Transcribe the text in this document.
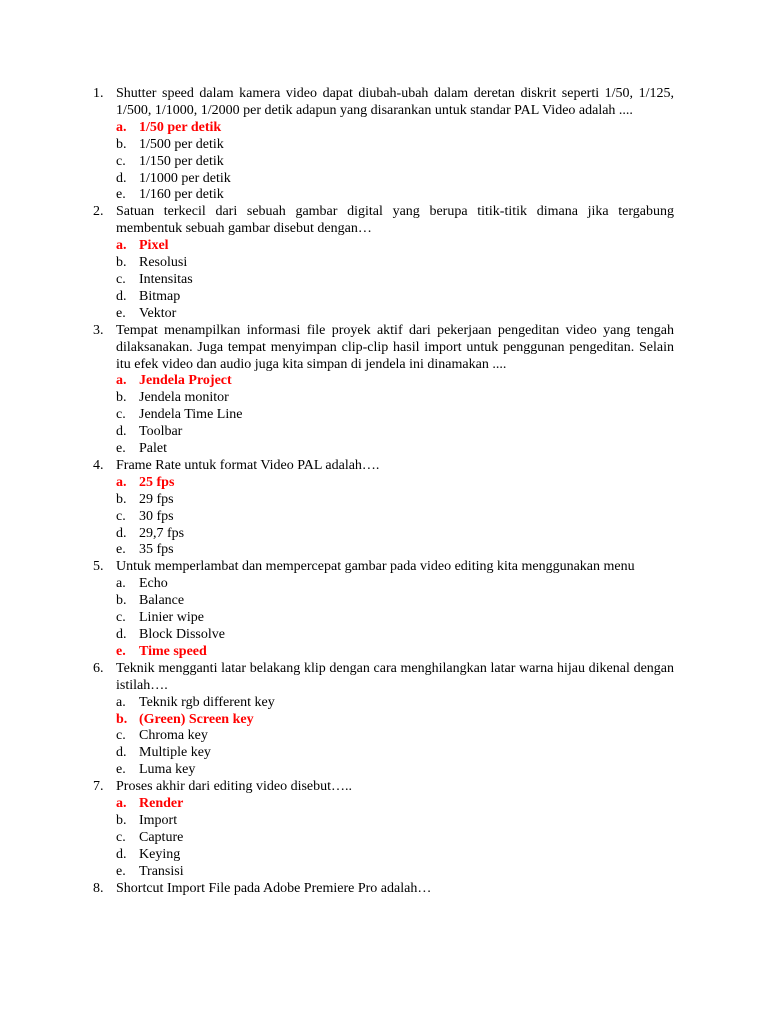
1. Shutter speed dalam kamera video dapat diubah-ubah dalam deretan diskrit seperti 1/50, 1/125, 1/500, 1/1000, 1/2000 per detik adapun yang disarankan untuk standar PAL Video adalah ....
a. 1/50 per detik
b. 1/500 per detik
c. 1/150 per detik
d. 1/1000 per detik
e. 1/160 per detik
2. Satuan terkecil dari sebuah gambar digital yang berupa titik-titik dimana jika tergabung membentuk sebuah gambar disebut dengan…
a. Pixel
b. Resolusi
c. Intensitas
d. Bitmap
e. Vektor
3. Tempat menampilkan informasi file proyek aktif dari pekerjaan pengeditan video yang tengah dilaksanakan. Juga tempat menyimpan clip-clip hasil import untuk penggunan pengeditan. Selain itu efek video dan audio juga kita simpan di jendela ini dinamakan ....
a. Jendela Project
b. Jendela monitor
c. Jendela Time Line
d. Toolbar
e. Palet
4. Frame Rate untuk format Video PAL adalah….
a. 25 fps
b. 29 fps
c. 30 fps
d. 29,7 fps
e. 35 fps
5. Untuk memperlambat dan mempercepat gambar pada video editing kita menggunakan menu
a. Echo
b. Balance
c. Linier wipe
d. Block Dissolve
e. Time speed
6. Teknik mengganti latar belakang klip dengan cara menghilangkan latar warna hijau dikenal dengan istilah….
a. Teknik rgb different key
b. (Green) Screen key
c. Chroma key
d. Multiple key
e. Luma key
7. Proses akhir dari editing video disebut…..
a. Render
b. Import
c. Capture
d. Keying
e. Transisi
8. Shortcut Import File pada Adobe Premiere Pro adalah…
